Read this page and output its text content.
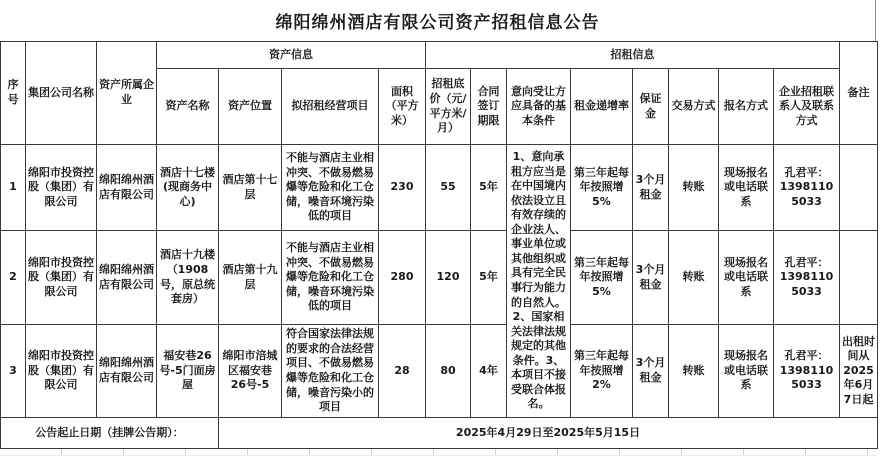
绵阳绵州酒店有限公司资产招租信息公告
序号	集团公司名称	资产所属企业	资产信息				招租信息								备注
			资产名称	资产位置	拟招租经营项目	面积（平方米）	招租底价（元/平方米/月）	合同签订期限	意向受让方应具备的基本条件	租金递增率	保证金	交易方式	报名方式	企业招租联系人及联系方式	
1	绵阳市投资控股（集团）有限公司	绵阳绵州酒店有限公司	酒店十七楼(现商务中心)	酒店第十七层	不能与酒店主业相冲突、不做易燃易爆等危险和化工仓储，噪音环境污染低的项目	230	55	5年	1、意向承租方应当是在中国境内依法设立且有效存续的企业法人、事业单位或其他组织或具有完全民事行为能力的自然人。2、国家相关法律法规规定的其他条件。3、本项目不接受联合体报名。	第三年起每年按照增5%	3个月租金	转账	现场报名或电话联系	孔君平：13981105033	
2	绵阳市投资控股（集团）有限公司	绵阳绵州酒店有限公司	酒店十九楼（1908号，原总统套房）	酒店第十九层	不能与酒店主业相冲突、不做易燃易爆等危险和化工仓储，噪音环境污染低的项目	280	120	5年		第三年起每年按照增5%	3个月租金	转账	现场报名或电话联系	孔君平：13981105033	
3	绵阳市投资控股（集团）有限公司	绵阳绵州酒店有限公司	福安巷26号-5门面房屋	绵阳市涪城区福安巷26号-5	符合国家法律法规的要求的合法经营项目、不做易燃易爆等危险和化工仓储，噪音污染小的项目	28	80	4年		第三年起每年按照增2%	3个月租金	转账	现场报名或电话联系	孔君平：13981105033	出租时间从2025年6月7日起
公告起止日期（挂牌公告期）：				2025年4月29日至2025年5月15日											
